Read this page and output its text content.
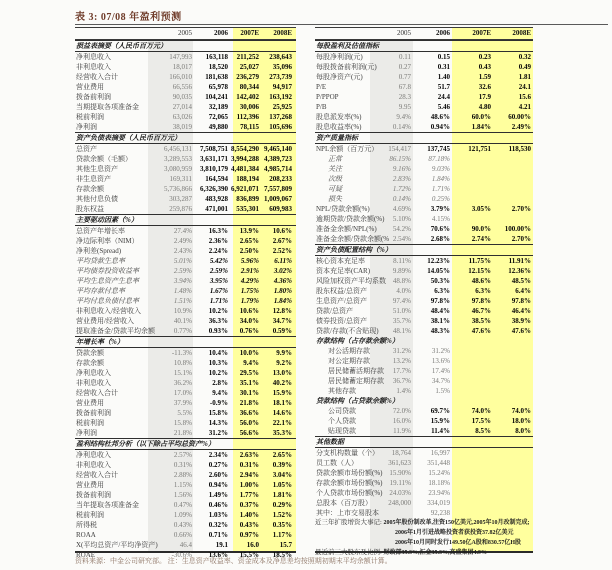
表 3: 07/08 年盈利预测
2005	2006 2007E 2008E
损益表摘要（人民币百万元）
净利息收入	147,993 163,118 211,252 238,643
非利息收入	18,017 18,520 25,027 35,096
经营收入合计	166,010 181,638 236,279 273,739
营业费用	66,556 65,978 80,344 94,917
拨备前利润	90,035 104,241 142,402 163,192
当期提取各项准备金	27,014 32,189 30,006 25,925
税前利润	63,026 72,065 112,396 137,268
净利润	38,019 49,880 78,115 105,696
资产负债表摘要（人民币百万元）
总资产	6,456,131 7,508,751 8,554,290 9,465,140
贷款余额（毛额）	3,289,553 3,631,171 3,994,288 4,389,723
其他生息资产	3,080,959 3,810,179 4,481,384 4,985,714
非生息资产	169,311 164,594 188,194 208,233
存款余额	5,736,866 6,326,390 6,921,071 7,557,809
其他付息负债	303,287 483,928 836,899 1,009,067
股东权益	259,876 471,001 535,301 609,983
主要驱动因素（%）
总资产年增长率	27.4% 16.3% 13.9% 10.6%
净边际利率（NIM）	2.49% 2.36% 2.65% 2.67%
净利差(Spread)	2.43% 2.24% 2.50% 2.52%
平均贷款生息率	5.01%	5.42% 5.96% 6.11%
平均债券投资收益率	2.59%	2.59% 2.91% 3.02%
平均生息资产生息率	3.94%	3.95% 4.29% 4.36%
平均存款付息率	1.48%	1.67% 1.75% 1.80%
平均付息负债付息率	1.51%	1.71% 1.79% 1.84%
非利息收入/经营收入	10.9% 10.2% 10.6% 12.8%
营业费用/经营收入	40.1% 36.3% 34.0% 34.7%
提取准备金/贷款平均余额	0.77% 0.93% 0.76% 0.59%
年增长率（%）
贷款余额	-11.3% 10.4% 10.0% 9.9%
存款余额	10.8% 10.3% 9.4% 9.2%
净利息收入	15.1% 10.2% 29.5% 13.0%
非利息收入	36.2%	2.8% 35.1% 40.2%
经营收入合计	17.0%	9.4% 30.1% 15.9%
营业费用	37.9%	-0.9% 21.8% 18.1%
拨备前利润	5.5% 15.8% 36.6% 14.6%
税前利润	15.8% 14.3% 56.0% 22.1%
净利润	21.8% 31.2% 56.6% 35.3%
盈利结构杜邦分析（以下除占平均总资产%）
净利息收入	2.57% 2.34% 2.63% 2.65%
非利息收入	0.31% 0.27% 0.31% 0.39%
经营收入合计	2.88% 2.60% 2.94% 3.04%
营业费用	1.15% 0.94% 1.00% 1.05%
拨备前利润	1.56% 1.49% 1.77% 1.81%
当年提取各项准备金	0.47% 0.46% 0.37% 0.29%
税前利润	1.09% 1.03% 1.40% 1.52%
所得税	0.43% 0.32% 0.43% 0.35%
ROAA	0.66% 0.71% 0.97% 1.17%
X(平均总资产/平均净资产)	46.4	19.1	16.0	15.7
ROAE	-30.6% 13.6% 15.5% 18.5%
2005	2006	2007E	2008E
每股盈利及估值指标
每股净利润(元)	0.11	0.15	0.23	0.32
每股拨备前利润(元)	0.27	0.31	0.43	0.49
每股净资产(元)	0.77	1.40	1.59	1.81
P/E	67.8	51.7	32.6	24.1
P/PPOP	28.3	24.4	17.9	15.6
P/B	9.95	5.46	4.80	4.21
股息派发率(%)	9.4%	48.6%	60.0% 60.00%
股息收益率(%)	0.14%	0.94%	1.84%	2.49%
资产质量指标
NPL余额（百万元） 154,417 137,745	121,751	118,530
正常	86.15% 87.18%
关注	9.16%	9.03%
次级	2.83%	1.84%
可疑	1.72%	1.71%
损失	0.14%	0.25%
NPL/贷款余额(%)	4.69%	3.79%	3.05%	2.70%
逾期贷款/贷款余额(%) 5.10%	4.15%
准备金余额/NPL(%) 54.2%	70.6%	90.0% 100.00%
准备金余额/贷款余额(% 2.54%	2.68%	2.74%	2.70%
资产负债配置结构（%）
核心资本充足率	8.11% 12.23%	11.75%	11.91%
资本充足率(CAR)	9.89% 14.05%	12.15% 12.36%
风险加权资产平均系数 48.8%	50.3%	48.6%	48.5%
股东权益/总资产	4.0%	6.3%	6.3%	6.4%
生息资产/总资产	97.4%	97.8%	97.8%	97.8%
贷款/总资产	51.0%	48.4%	46.7%	46.4%
债券投资/总资产	35.7%	38.1%	38.5%	38.9%
贷款/存款(不含贴现) 48.1%	48.3%	47.6%	47.6%
存款结构（占存款余额%）
对公活期存款	31.2%	31.2%
对公定期存款	13.2%	13.6%
居民储蓄活期存款 17.7%	17.4%
居民储蓄定期存款 36.7%	34.7%
其他存款	1.4%	1.5%
贷款结构（占贷款余额%）
公司贷款	72.0%	69.7%	74.0%	74.0%
个人贷款	16.0%	15.9%	17.5%	18.0%
贴现贷款	11.9%	11.4%	8.5%	8.0%
其他数据
分支机构数量（个） 18,764	16,997
员工数（人）	361,623 351,448
贷款余额市场份额(%) 15.90% 15.24%
存款余额市场份额(%) 19.11% 18.18%
个人贷款市场份额(%) 24.03% 23.94%
总股本（百万股） 248,000 334,019
其中：上市交易股本	92,238
近三年扩股增资大事记: 2005年股份制改革,注资150亿美元,2005年10月改制完成;
2006年1月引进战略投资者获投资37.82亿美元
2006年10月同时发行149.50亿A股和830.57亿H股
最近前三大股东及比例: 财政部35.3%,汇金35.3%,高盛集团4.9%
资料来源：中金公司研究部。 注：生息资产收益率、资金成本及净息差均按照期初期末平均余额计算。
